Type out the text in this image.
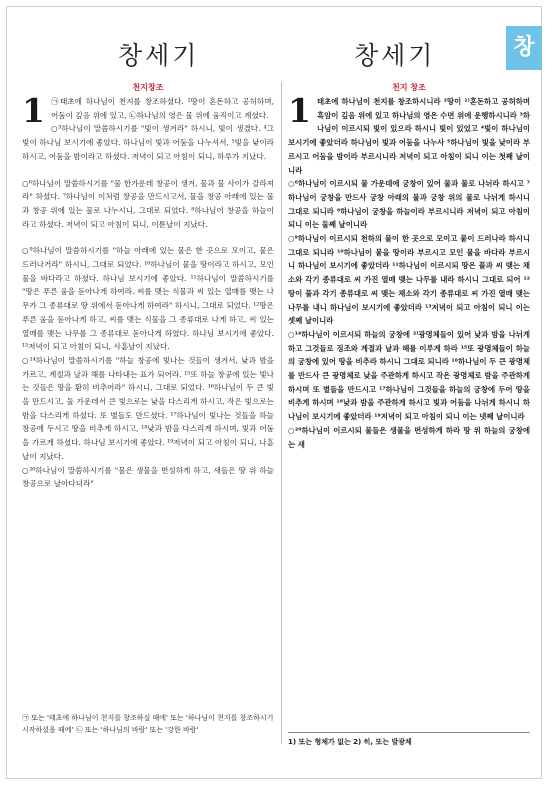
창세기	창세기	창
천지창조
1 ㉠태초에 하나님이 천지를 창조하셨다. ²땅이 혼돈하고 공허하며, 어둠이 깊음 위에 있고, ㉡하나님의 영은 물 위에 움직이고 계셨다.

○³하나님이 말씀하시기를 "빛이 생겨라" 하시니, 빛이 생겼다. ⁴그 빛이 하나님 보시기에 좋았다. 하나님이 빛과 어둠을 나누셔서, ⁵빛을 낮이라 하시고, 어둠을 밤이라고 하셨다. 저녁이 되고 아침이 되니, 하루가 지났다.

○⁶하나님이 말씀하시기를 "물 한가운데 창공이 생겨, 물과 물 사이가 갈라져라" 하셨다. ⁷하나님이 이처럼 창공을 만드시고서, 물을 창공 아래에 있는 물과 창공 위에 있는 물로 나누시니, 그대로 되었다. ⁸하나님이 창공을 하늘이라고 하셨다. 저녁이 되고 아침이 되니, 이튿날이 지났다.

○⁹하나님이 말씀하시기를 "하늘 아래에 있는 물은 한 곳으로 모이고, 뭍은 드러나거라" 하시니, 그대로 되었다. ¹⁰하나님이 뭍을 땅이라고 하시고, 모인 물을 바다라고 하셨다. 하나님 보시기에 좋았다. ¹¹하나님이 말씀하시기를 "땅은 푸른 움을 돋아나게 하여라. 씨를 맺는 식물과 씨 있는 열매를 맺는 나무가 그 종류대로 땅 위에서 돋아나게 하여라" 하시니, 그대로 되었다. ¹²땅은 푸른 움을 돋아나게 하고, 씨를 맺는 식물을 그 종류대로 나게 하고, 씨 있는 열매를 맺는 나무를 그 종류대로 돋아나게 하였다. 하나님 보시기에 좋았다. ¹³저녁이 되고 아침이 되니, 사흗날이 지났다.

○¹⁴하나님이 말씀하시기를 "하늘 창공에 빛나는 것들이 생겨서, 낮과 밤을 가르고, 계절과 날과 해를 나타내는 표가 되어라. ¹⁵또 하늘 창공에 있는 빛나는 것들은 땅을 환히 비추어라" 하시니, 그대로 되었다. ¹⁶하나님이 두 큰 빛을 만드시고, 둘 가운데서 큰 빛으로는 낮을 다스리게 하시고, 작은 빛으로는 밤을 다스리게 하셨다. 또 별들도 만드셨다. ¹⁷하나님이 빛나는 것들을 하늘 창공에 두시고 땅을 비추게 하시고, ¹⁸낮과 밤을 다스리게 하시며, 빛과 어둠을 가르게 하셨다. 하나님 보시기에 좋았다. ¹⁹저녁이 되고 아침이 되니, 나흗날이 지났다.

○²⁰하나님이 말씀하시기를 "물은 생물을 번성하게 하고, 새들은 땅 위 하늘 창공으로 날아다녀라"

㉠ 또는 '태초에 하나님이 천지를 창조하실 때에' 또는 '하나님이 천지를 창조하시기 시작하셨을 때에' ㉡ 또는 '하나님의 바람' 또는 '강한 바람'

천지 창조
1 태초에 하나님이 천지를 창조하시니라 ²땅이 ¹⁾혼돈하고 공허하며 흑암이 깊음 위에 있고 하나님의 영은 수면 위에 운행하시니라 ³하나님이 이르시되 빛이 있으라 하시니 빛이 있었고 ⁴빛이 하나님이 보시기에 좋았더라 하나님이 빛과 어둠을 나누사 ⁵하나님이 빛을 낮이라 부르시고 어둠을 밤이라 부르시니라 저녁이 되고 아침이 되니 이는 첫째 날이니라

○⁶하나님이 이르시되 물 가운데에 궁창이 있어 물과 물로 나뉘라 하시고 ⁷하나님이 궁창을 만드사 궁창 아래의 물과 궁창 위의 물로 나뉘게 하시니 그대로 되니라 ⁸하나님이 궁창을 하늘이라 부르시니라 저녁이 되고 아침이 되니 이는 둘째 날이니라

○⁹하나님이 이르시되 천하의 물이 한 곳으로 모이고 뭍이 드러나라 하시니 그대로 되니라 ¹⁰하나님이 뭍을 땅이라 부르시고 모인 물을 바다라 부르시니 하나님이 보시기에 좋았더라 ¹¹하나님이 이르시되 땅은 풀과 씨 맺는 채소와 각기 종류대로 씨 가진 열매 맺는 나무를 내라 하시니 그대로 되어 ¹²땅이 풀과 각기 종류대로 씨 맺는 채소와 각기 종류대로 씨 가진 열매 맺는 나무를 내니 하나님이 보시기에 좋았더라 ¹³저녁이 되고 아침이 되니 이는 셋째 날이니라

○¹⁴하나님이 이르시되 하늘의 궁창에 ²⁾광명체들이 있어 낮과 밤을 나뉘게 하고 그것들로 징조와 계절과 날과 해를 이루게 하라 ¹⁵또 광명체들이 하늘의 궁창에 있어 땅을 비추라 하시니 그대로 되니라 ¹⁶하나님이 두 큰 광명체를 만드사 큰 광명체로 낮을 주관하게 하시고 작은 광명체로 밤을 주관하게 하시며 또 별들을 만드시고 ¹⁷하나님이 그것들을 하늘의 궁창에 두어 땅을 비추게 하시며 ¹⁸낮과 밤을 주관하게 하시고 빛과 어둠을 나뉘게 하시니 하나님이 보시기에 좋았더라 ¹⁹저녁이 되고 아침이 되니 이는 넷째 날이니라

○²⁰하나님이 이르시되 물들은 생물을 번성하게 하라 땅 위 하늘의 궁창에는 새

1) 또는 형체가 없는 2) 히, 또는 발광체
